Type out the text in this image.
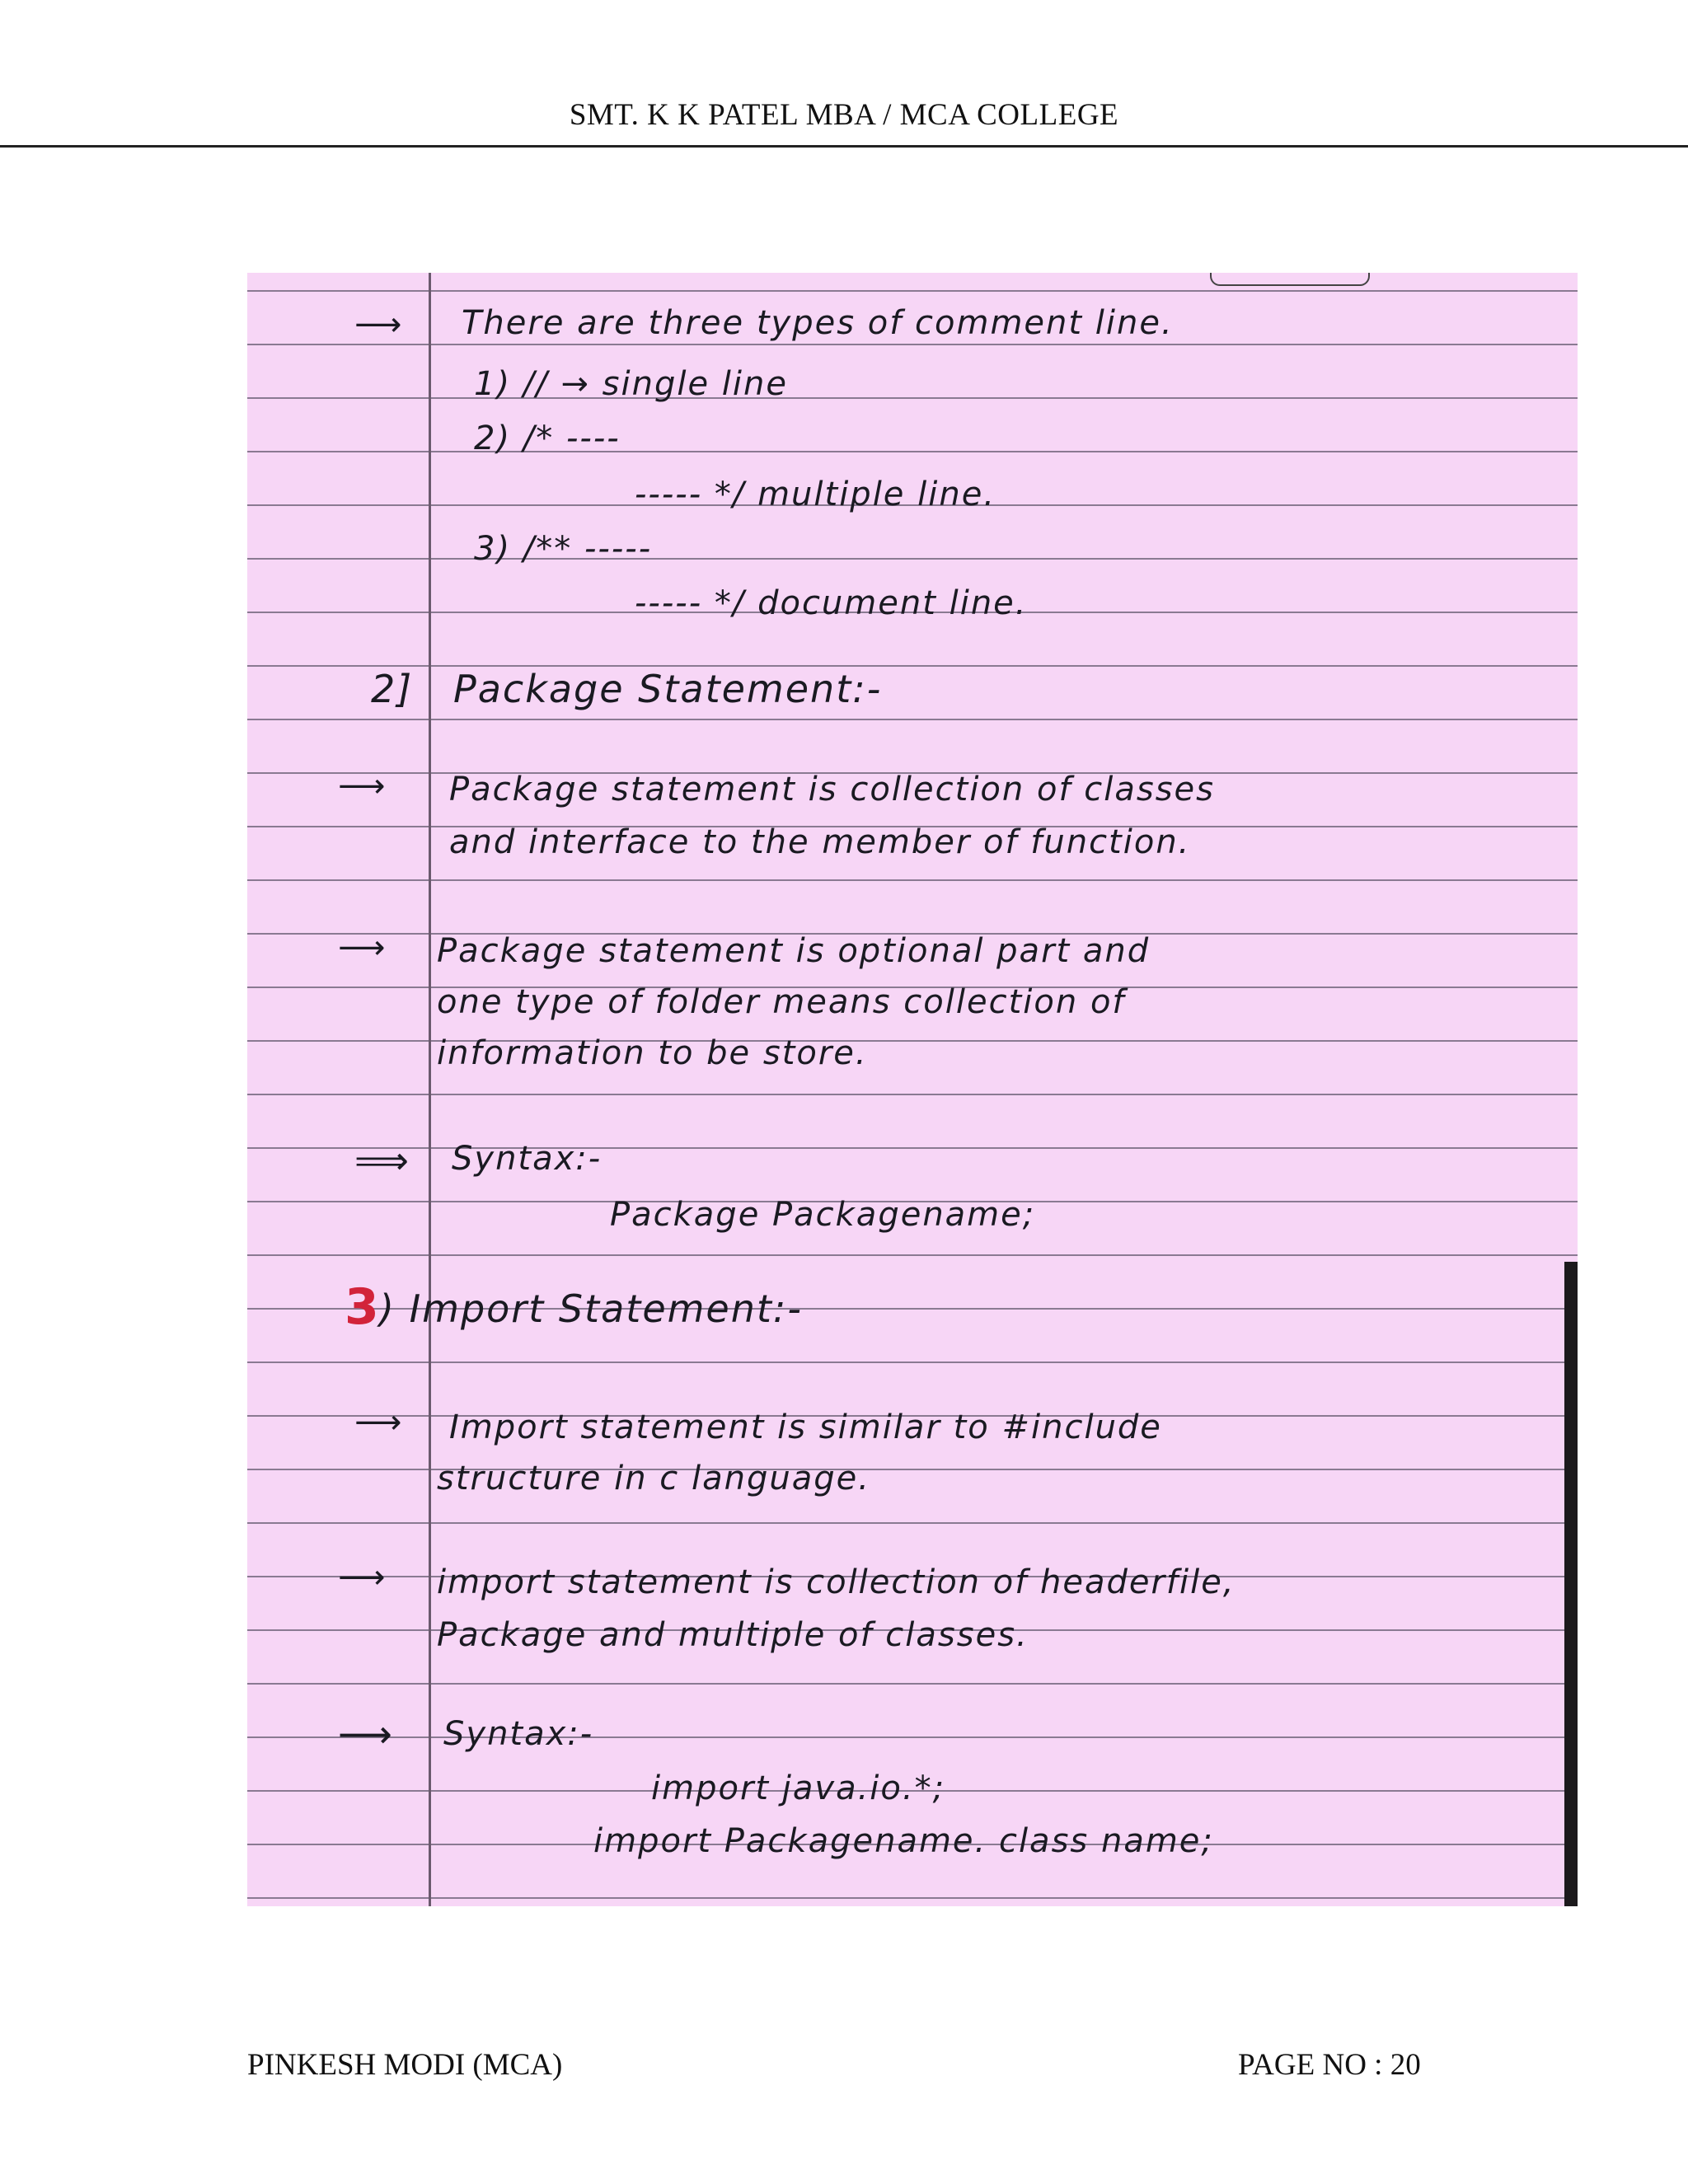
SMT. K K PATEL MBA / MCA COLLEGE
⟶ There are three types of comment line.
1) // → single line
2) /* ----
----- */ multiple line.
3) /** -----
----- */ document line.
2] Package Statement:-
⟶ Package statement is collection of classes
and interface to the member of function.
⟶ Package statement is optional part and
one type of folder means collection of
information to be store.
⟹ Syntax:-
Package Packagename;
3 ) Import Statement:-
⟶ Import statement is similar to #include
structure in c language.
⟶ import statement is collection of headerfile,
Package and multiple of classes.
⟶ Syntax:-
import java.io.*;
import Packagename. class name;
PINKESH MODI (MCA)	PAGE NO : 20
